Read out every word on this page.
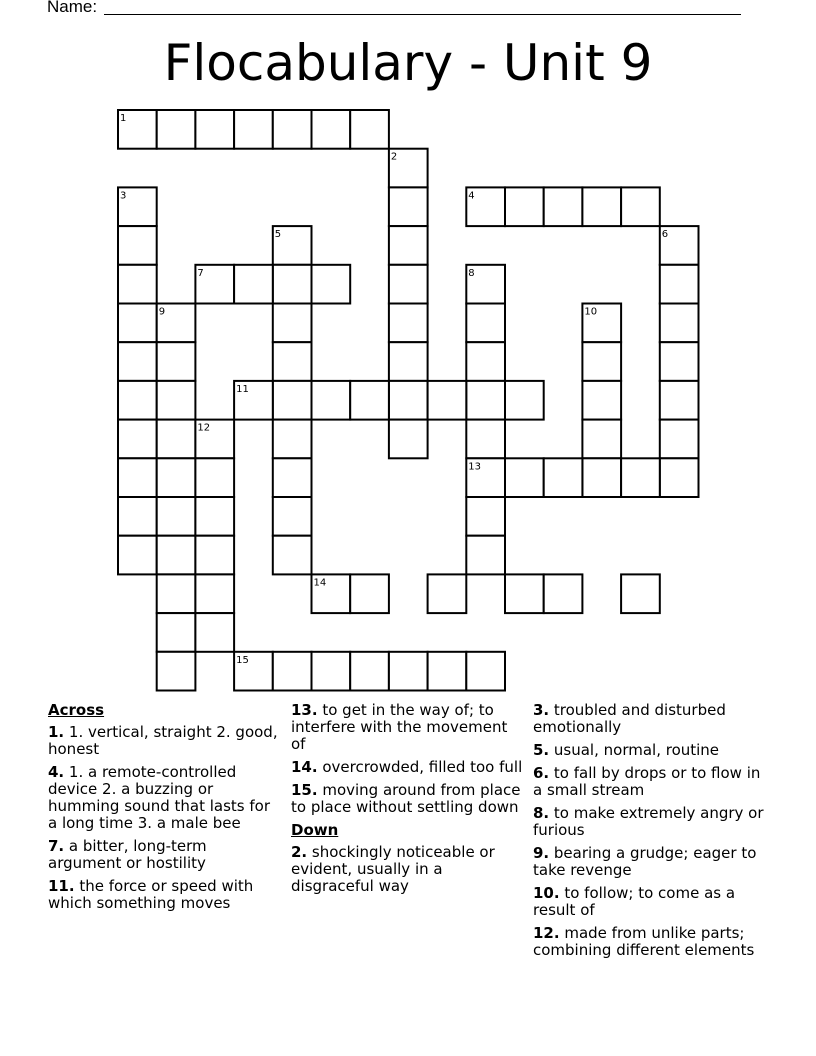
Name:
Flocabulary - Unit 9
1
2
3	4
5	6
7	8
9	10
11
12
13
14
15
Across
1. 1. vertical, straight 2. good, honest
4. 1. a remote-controlled device 2. a buzzing or humming sound that lasts for a long time 3. a male bee
7. a bitter, long-term argument or hostility
11. the force or speed with which something moves
13. to get in the way of; to interfere with the movement of
14. overcrowded, filled too full
15. moving around from place to place without settling down
Down
2. shockingly noticeable or evident, usually in a disgraceful way
3. troubled and disturbed emotionally
5. usual, normal, routine
6. to fall by drops or to flow in a small stream
8. to make extremely angry or furious
9. bearing a grudge; eager to take revenge
10. to follow; to come as a result of
12. made from unlike parts; combining different elements
